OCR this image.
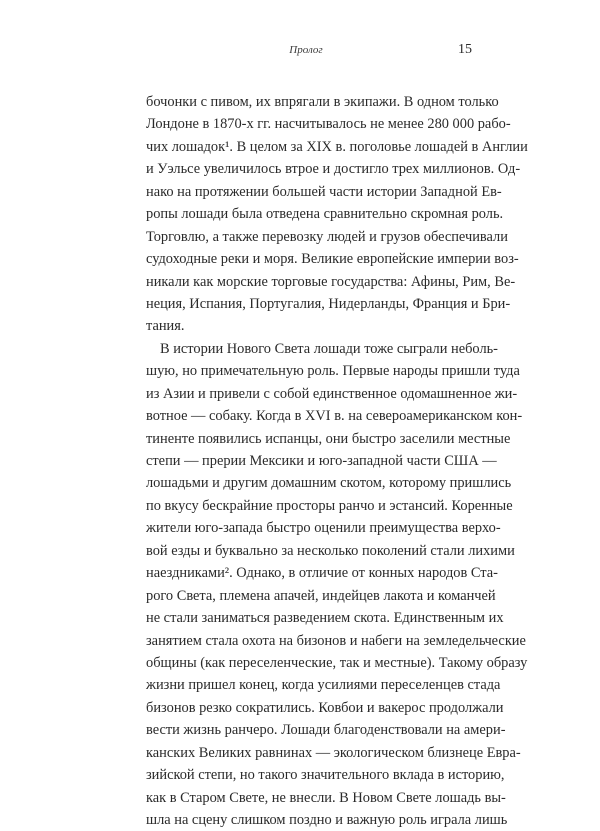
Пролог	15
бочонки с пивом, их впрягали в экипажи. В одном только
Лондоне в 1870-х гг. насчитывалось не менее 280 000 рабо-
чих лошадок¹. В целом за XIX в. поголовье лошадей в Англии
и Уэльсе увеличилось втрое и достигло трех миллионов. Од-
нако на протяжении большей части истории Западной Ев-
ропы лошади была отведена сравнительно скромная роль.
Торговлю, а также перевозку людей и грузов обеспечивали
судоходные реки и моря. Великие европейские империи воз-
никали как морские торговые государства: Афины, Рим, Ве-
неция, Испания, Португалия, Нидерланды, Франция и Бри-
тания.
В истории Нового Света лошади тоже сыграли неболь-
шую, но примечательную роль. Первые народы пришли туда
из Азии и привели с собой единственное одомашненное жи-
вотное — собаку. Когда в XVI в. на североамериканском кон-
тиненте появились испанцы, они быстро заселили местные
степи — прерии Мексики и юго-западной части США —
лошадьми и другим домашним скотом, которому пришлись
по вкусу бескрайние просторы ранчо и эстансий. Коренные
жители юго-запада быстро оценили преимущества верхо-
вой езды и буквально за несколько поколений стали лихими
наездниками². Однако, в отличие от конных народов Ста-
рого Света, племена апачей, индейцев лакота и команчей
не стали заниматься разведением скота. Единственным их
занятием стала охота на бизонов и набеги на земледельческие
общины (как переселенческие, так и местные). Такому образу
жизни пришел конец, когда усилиями переселенцев стада
бизонов резко сократились. Ковбои и вакерос продолжали
вести жизнь ранчеро. Лошади благоденствовали на амери-
канских Великих равнинах — экологическом близнеце Евра-
зийской степи, но такого значительного вклада в историю,
как в Старом Свете, не внесли. В Новом Свете лошадь вы-
шла на сцену слишком поздно и важную роль играла лишь
